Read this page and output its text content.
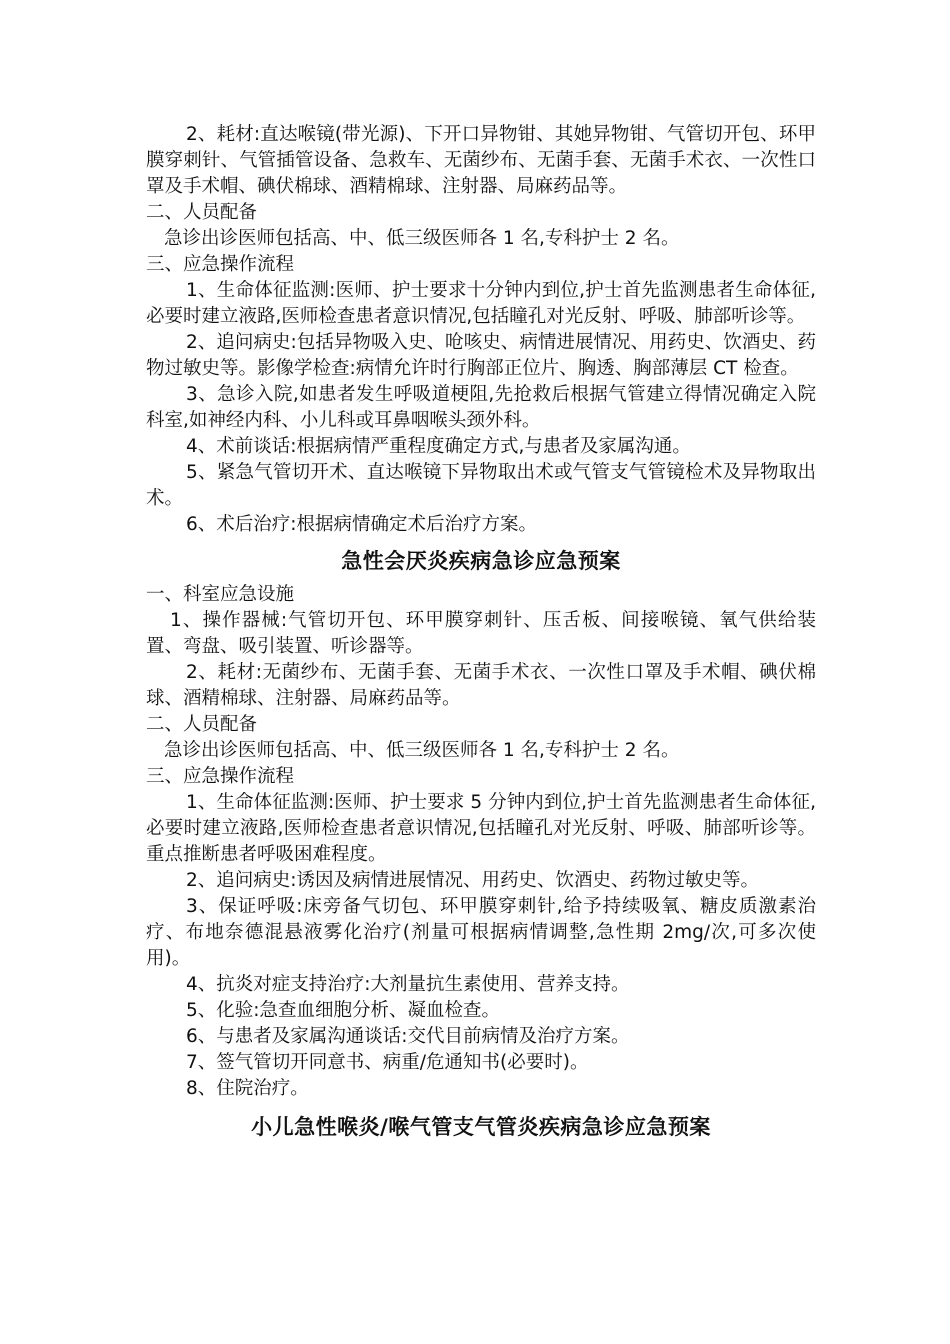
2、耗材:直达喉镜(带光源)、下开口异物钳、其她异物钳、气管切开包、环甲膜穿刺针、气管插管设备、急救车、无菌纱布、无菌手套、无菌手术衣、一次性口罩及手术帽、碘伏棉球、酒精棉球、注射器、局麻药品等。

二、人员配备

急诊出诊医师包括高、中、低三级医师各 1 名,专科护士 2 名。

三、应急操作流程

1、生命体征监测:医师、护士要求十分钟内到位,护士首先监测患者生命体征,必要时建立液路,医师检查患者意识情况,包括瞳孔对光反射、呼吸、肺部听诊等。

2、追问病史:包括异物吸入史、呛咳史、病情进展情况、用药史、饮酒史、药物过敏史等。影像学检查:病情允许时行胸部正位片、胸透、胸部薄层 CT 检查。

3、急诊入院,如患者发生呼吸道梗阻,先抢救后根据气管建立得情况确定入院科室,如神经内科、小儿科或耳鼻咽喉头颈外科。

4、术前谈话:根据病情严重程度确定方式,与患者及家属沟通。

5、紧急气管切开术、直达喉镜下异物取出术或气管支气管镜检术及异物取出术。

6、术后治疗:根据病情确定术后治疗方案。

急性会厌炎疾病急诊应急预案

一、科室应急设施

1、操作器械:气管切开包、环甲膜穿刺针、压舌板、间接喉镜、氧气供给装置、弯盘、吸引装置、听诊器等。

2、耗材:无菌纱布、无菌手套、无菌手术衣、一次性口罩及手术帽、碘伏棉球、酒精棉球、注射器、局麻药品等。

二、人员配备

急诊出诊医师包括高、中、低三级医师各 1 名,专科护士 2 名。

三、应急操作流程

1、生命体征监测:医师、护士要求 5 分钟内到位,护士首先监测患者生命体征,必要时建立液路,医师检查患者意识情况,包括瞳孔对光反射、呼吸、肺部听诊等。重点推断患者呼吸困难程度。

2、追问病史:诱因及病情进展情况、用药史、饮酒史、药物过敏史等。

3、保证呼吸:床旁备气切包、环甲膜穿刺针,给予持续吸氧、糖皮质激素治疗、布地奈德混悬液雾化治疗(剂量可根据病情调整,急性期 2mg/次,可多次使用)。

4、抗炎对症支持治疗:大剂量抗生素使用、营养支持。

5、化验:急查血细胞分析、凝血检查。

6、与患者及家属沟通谈话:交代目前病情及治疗方案。

7、签气管切开同意书、病重/危通知书(必要时)。

8、住院治疗。

小儿急性喉炎/喉气管支气管炎疾病急诊应急预案
